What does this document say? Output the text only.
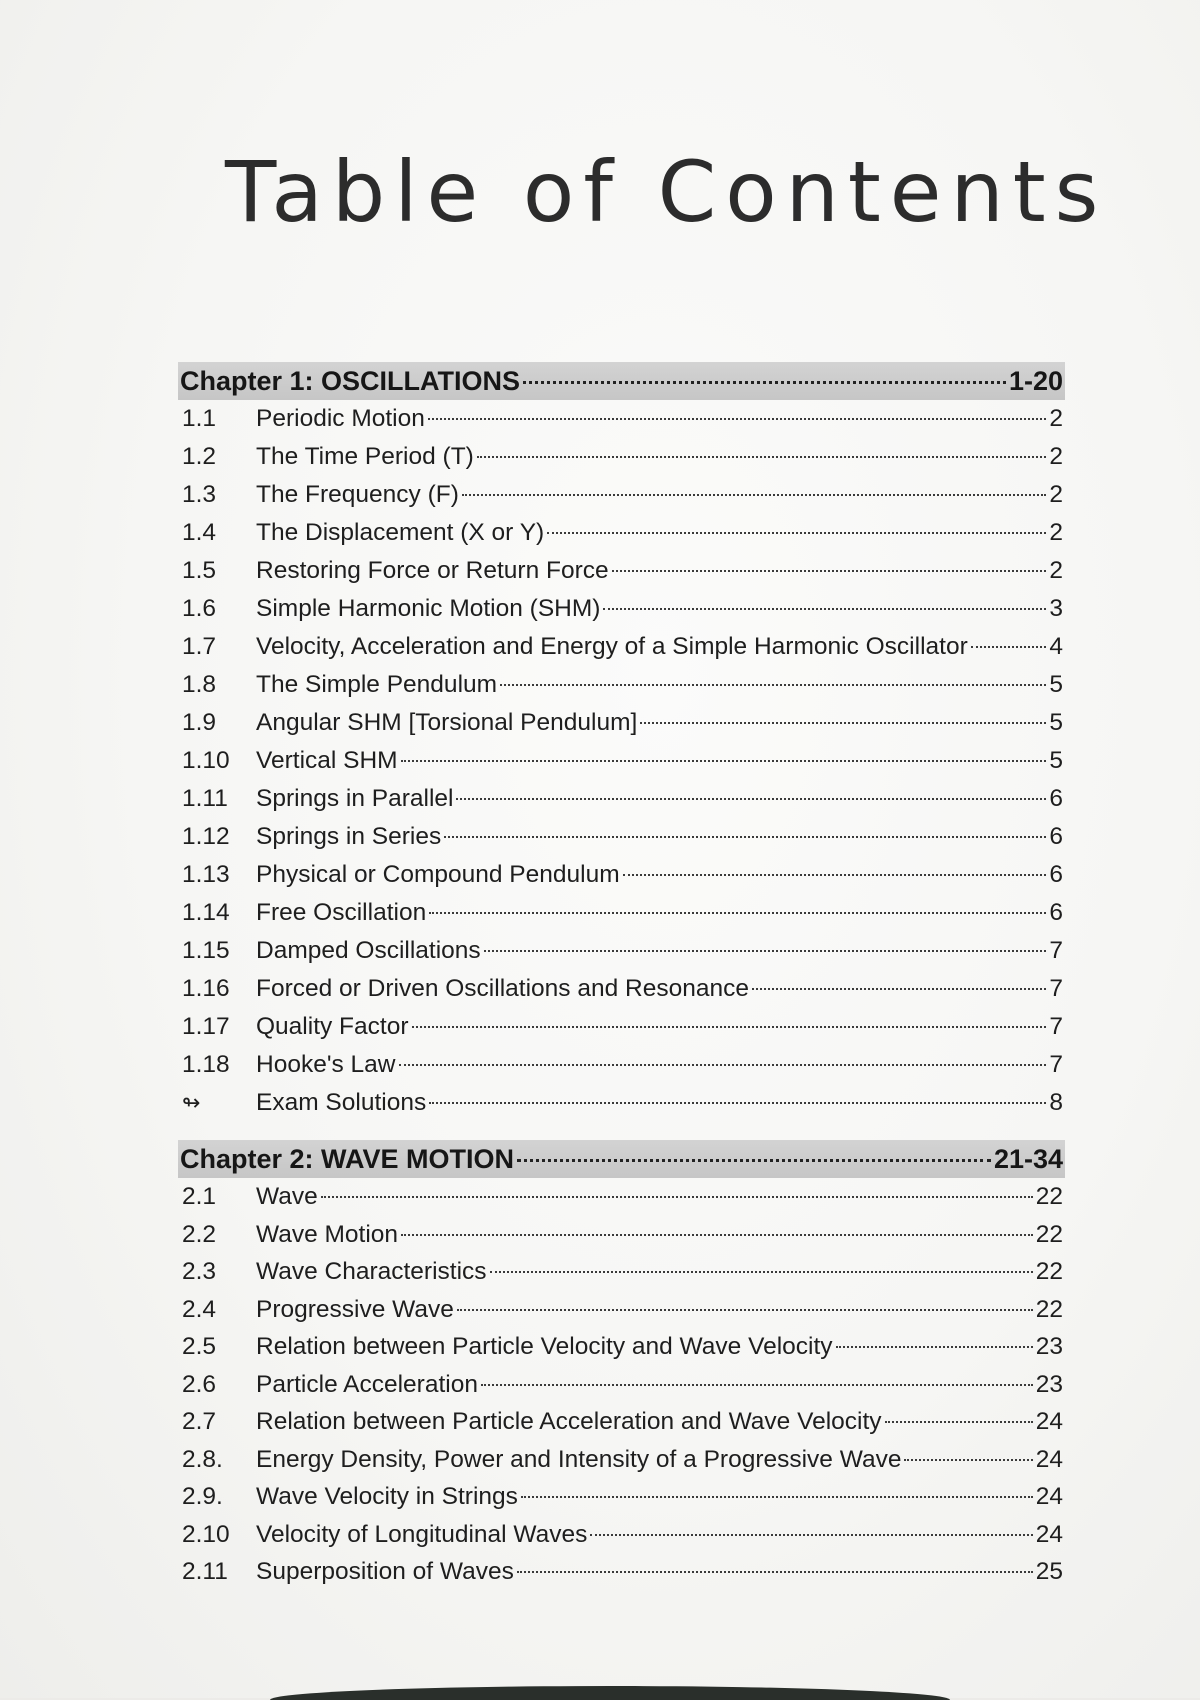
Table of Contents
Chapter 1: OSCILLATIONS	1-20
1.1	Periodic Motion	2
1.2	The Time Period (T)	2
1.3	The Frequency (F)	2
1.4	The Displacement (X or Y)	2
1.5	Restoring Force or Return Force	2
1.6	Simple Harmonic Motion (SHM)	3
1.7	Velocity, Acceleration and Energy of a Simple Harmonic Oscillator	4
1.8	The Simple Pendulum	5
1.9	Angular SHM [Torsional Pendulum]	5
1.10	Vertical SHM	5
1.11	Springs in Parallel	6
1.12	Springs in Series	6
1.13	Physical or Compound Pendulum	6
1.14	Free Oscillation	6
1.15	Damped Oscillations	7
1.16	Forced or Driven Oscillations and Resonance	7
1.17	Quality Factor	7
1.18	Hooke's Law	7
↬	Exam Solutions	8
Chapter 2: WAVE MOTION	21-34
2.1	Wave	22
2.2	Wave Motion	22
2.3	Wave Characteristics	22
2.4	Progressive Wave	22
2.5	Relation between Particle Velocity and Wave Velocity	23
2.6	Particle Acceleration	23
2.7	Relation between Particle Acceleration and Wave Velocity	24
2.8.	Energy Density, Power and Intensity of a Progressive Wave	24
2.9.	Wave Velocity in Strings	24
2.10	Velocity of Longitudinal Waves	24
2.11	Superposition of Waves	25
